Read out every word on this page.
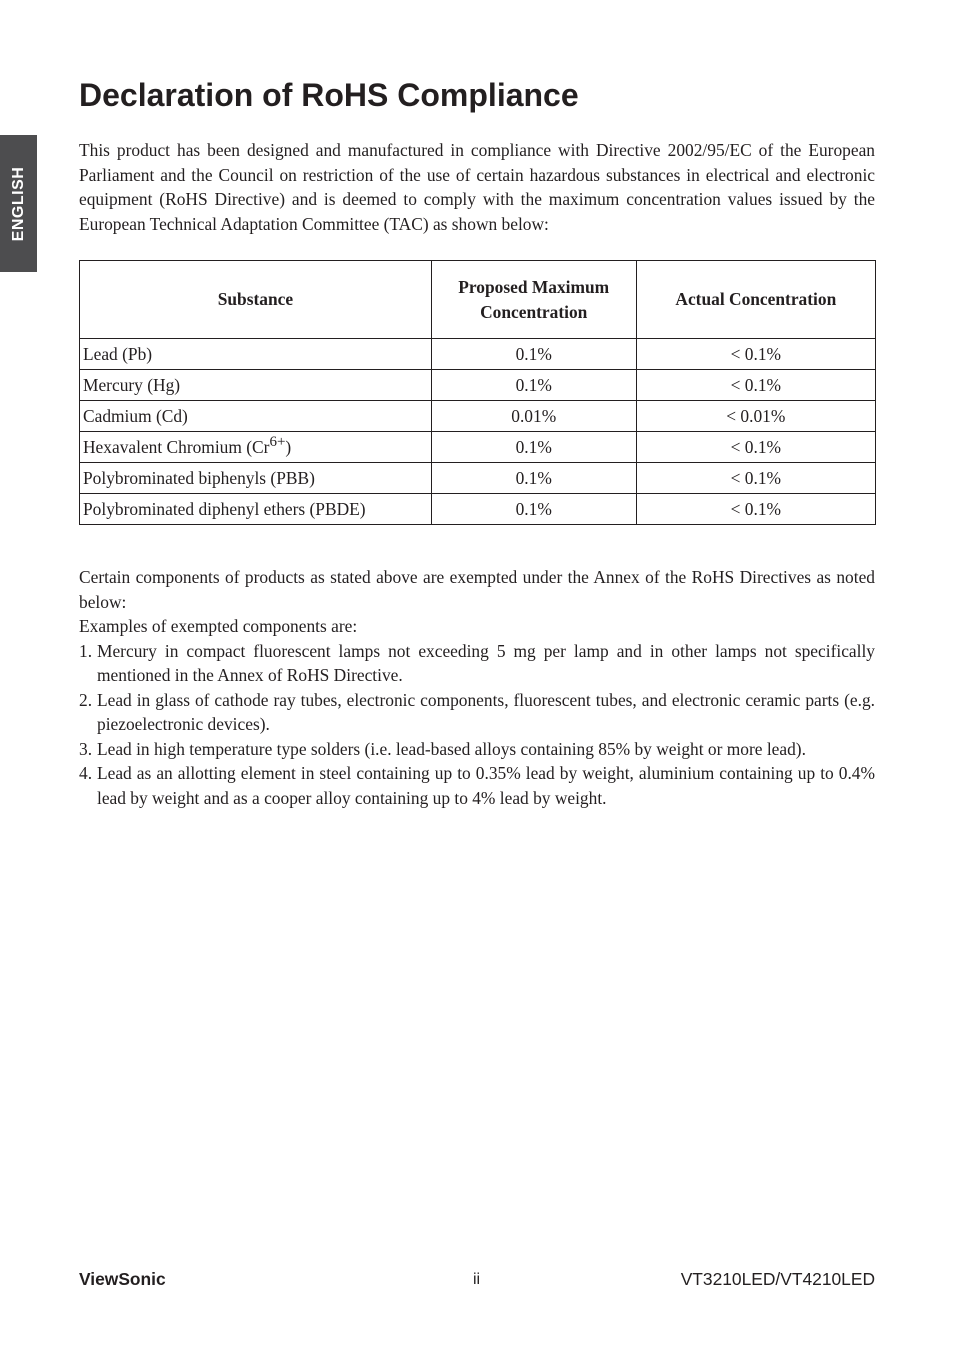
ENGLISH
Declaration of RoHS Compliance

This product has been designed and manufactured in compliance with Directive 2002/95/EC of the European Parliament and the Council on restriction of the use of certain hazardous substances in electrical and electronic equipment (RoHS Directive) and is deemed to comply with the maximum concentration values issued by the European Technical Adaptation Committee (TAC) as shown below:

Substance	Proposed Maximum Concentration	Actual Concentration
Lead (Pb)	0.1%	< 0.1%
Mercury (Hg)	0.1%	< 0.1%
Cadmium (Cd)	0.01%	< 0.01%
Hexavalent Chromium $(Cr^{6+})$	0.1%	< 0.1%
Polybrominated biphenyls (PBB)	0.1%	< 0.1%
Polybrominated diphenyl ethers (PBDE)	0.1%	< 0.1%

Certain components of products as stated above are exempted under the Annex of the RoHS Directives as noted below:

Examples of exempted components are:

1. Mercury in compact fluorescent lamps not exceeding 5 mg per lamp and in other lamps not specifically mentioned in the Annex of RoHS Directive.
2. Lead in glass of cathode ray tubes, electronic components, fluorescent tubes, and electronic ceramic parts (e.g. piezoelectronic devices).
3. Lead in high temperature type solders (i.e. lead-based alloys containing 85% by weight or more lead).
4. Lead as an allotting element in steel containing up to 0.35% lead by weight, aluminium containing up to 0.4% lead by weight and as a cooper alloy containing up to 4% lead by weight.
ViewSonic	ii	VT3210LED/VT4210LED
